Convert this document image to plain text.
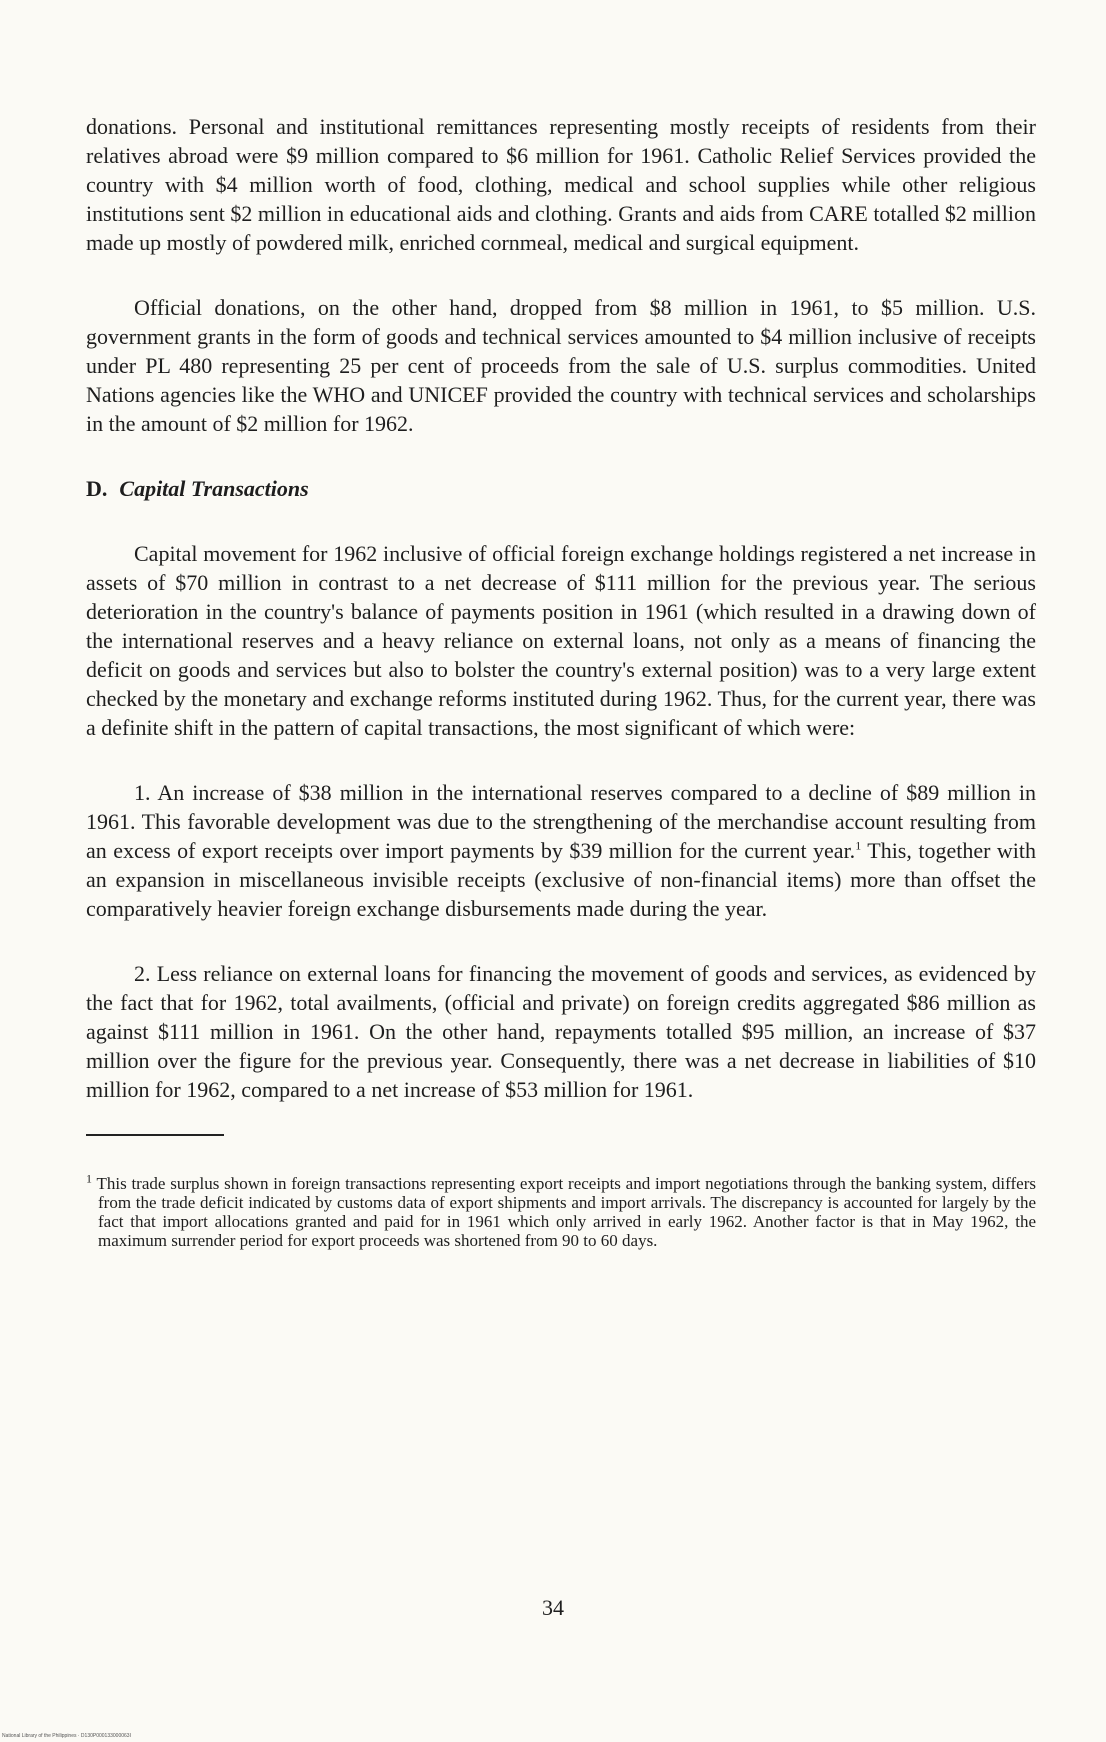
donations. Personal and institutional remittances representing mostly receipts of residents from their relatives abroad were $9 million compared to $6 million for 1961. Catholic Relief Services provided the country with $4 million worth of food, clothing, medical and school supplies while other religious institutions sent $2 million in educational aids and clothing. Grants and aids from CARE totalled $2 million made up mostly of powdered milk, enriched cornmeal, medical and surgical equipment.

Official donations, on the other hand, dropped from $8 million in 1961, to $5 million. U.S. government grants in the form of goods and technical services amounted to $4 million inclusive of receipts under PL 480 representing 25 per cent of proceeds from the sale of U.S. surplus commodities. United Nations agencies like the WHO and UNICEF provided the country with technical services and scholarships in the amount of $2 million for 1962.

D. Capital Transactions

Capital movement for 1962 inclusive of official foreign exchange holdings registered a net increase in assets of $70 million in contrast to a net decrease of $111 million for the previous year. The serious deterioration in the country's balance of payments position in 1961 (which resulted in a drawing down of the international reserves and a heavy reliance on external loans, not only as a means of financing the deficit on goods and services but also to bolster the country's external position) was to a very large extent checked by the monetary and exchange reforms instituted during 1962. Thus, for the current year, there was a definite shift in the pattern of capital transactions, the most significant of which were:

1. An increase of $38 million in the international reserves compared to a decline of $89 million in 1961. This favorable development was due to the strengthening of the merchandise account resulting from an excess of export receipts over import payments by $39 million for the current year.$^1$ This, together with an expansion in miscellaneous invisible receipts (exclusive of non-financial items) more than offset the comparatively heavier foreign exchange disbursements made during the year.

2. Less reliance on external loans for financing the movement of goods and services, as evidenced by the fact that for 1962, total availments, (official and private) on foreign credits aggregated $86 million as against $111 million in 1961. On the other hand, repayments totalled $95 million, an increase of $37 million over the figure for the previous year. Consequently, there was a net decrease in liabilities of $10 million for 1962, compared to a net increase of $53 million for 1961.

$^1$ This trade surplus shown in foreign transactions representing export receipts and import negotiations through the banking system, differs from the trade deficit indicated by customs data of export shipments and import arrivals. The discrepancy is accounted for largely by the fact that import allocations granted and paid for in 1961 which only arrived in early 1962. Another factor is that in May 1962, the maximum surrender period for export proceeds was shortened from 90 to 60 days.

34
National Library of the Philippines · D130P000133000063I
